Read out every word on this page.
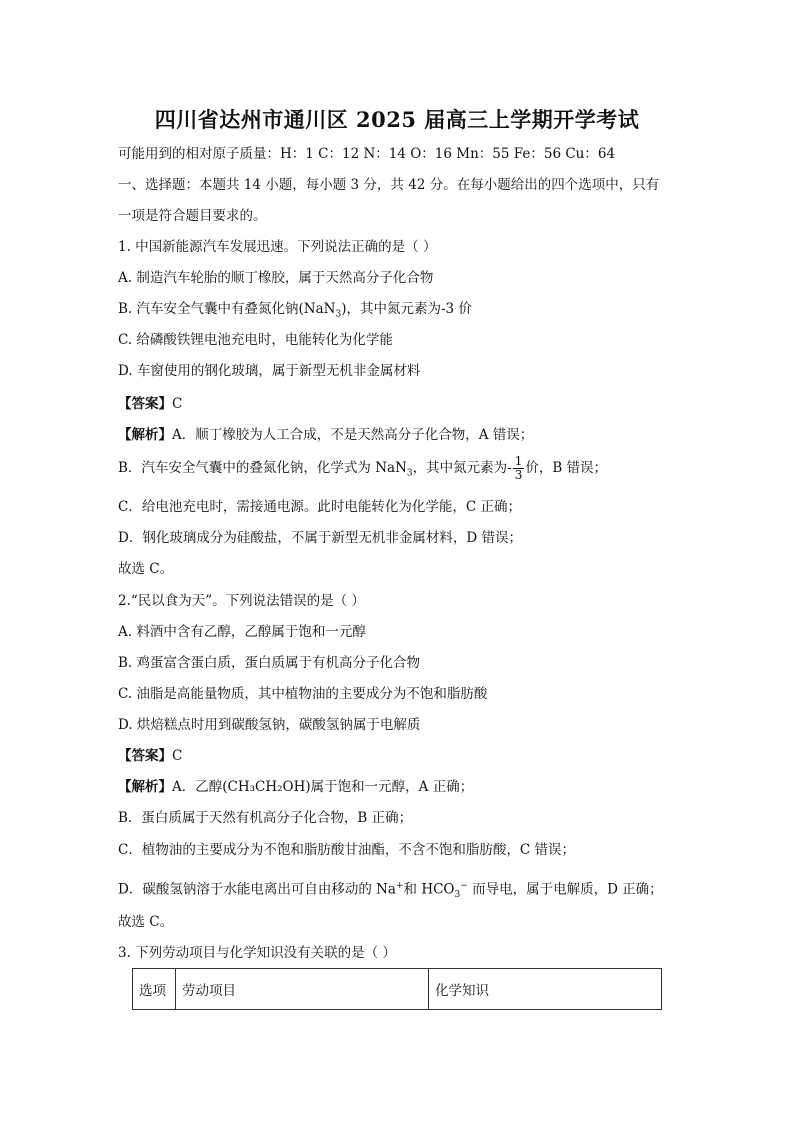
四川省达州市通川区 2025 届高三上学期开学考试
可能用到的相对原子质量：H：1 C：12 N：14 O：16 Mn：55 Fe：56 Cu：64
一、选择题：本题共 14 小题，每小题 3 分，共 42 分。在每小题给出的四个选项中，只有
一项是符合题目要求的。
1. 中国新能源汽车发展迅速。下列说法正确的是（ ）
A. 制造汽车轮胎的顺丁橡胶，属于天然高分子化合物
B. 汽车安全气囊中有叠氮化钠(NaN$_3$)，其中氮元素为-3 价
C. 给磷酸铁锂电池充电时，电能转化为化学能
D. 车窗使用的钢化玻璃，属于新型无机非金属材料
【答案】C
【解析】A．顺丁橡胶为人工合成，不是天然高分子化合物，A 错误；
B．汽车安全气囊中的叠氮化钠，化学式为 NaN$_3$，其中氮元素为- $\frac{1}{3}$ 价，B 错误；
C．给电池充电时，需接通电源。此时电能转化为化学能，C 正确；
D．钢化玻璃成分为硅酸盐，不属于新型无机非金属材料，D 错误；
故选 C。
2.“民以食为天”。下列说法错误的是（ ）
A. 料酒中含有乙醇，乙醇属于饱和一元醇
B. 鸡蛋富含蛋白质，蛋白质属于有机高分子化合物
C. 油脂是高能量物质，其中植物油的主要成分为不饱和脂肪酸
D. 烘焙糕点时用到碳酸氢钠，碳酸氢钠属于电解质
【答案】C
【解析】A．乙醇(CH₃CH₂OH)属于饱和一元醇，A 正确；
B．蛋白质属于天然有机高分子化合物，B 正确；
C．植物油的主要成分为不饱和脂肪酸甘油酯，不含不饱和脂肪酸，C 错误；
D．碳酸氢钠溶于水能电离出可自由移动的 Na+和 $HCO_3^-$ 而导电，属于电解质，D 正确；
故选 C。
3. 下列劳动项目与化学知识没有关联的是（ ）
选项	劳动项目	化学知识
